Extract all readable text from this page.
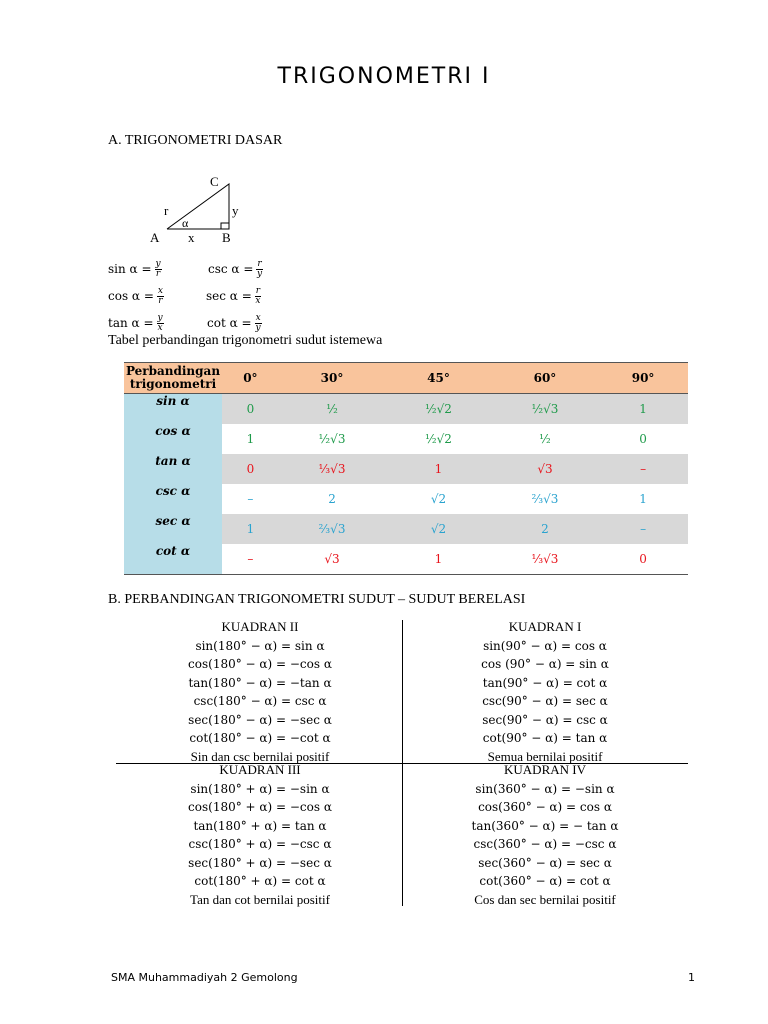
TRIGONOMETRI I
A. TRIGONOMETRI DASAR
C
r	y
α
A x B
$\sin \alpha = \frac{y}{r}$	$\csc \alpha = \frac{r}{y}$
$\cos \alpha = \frac{x}{r}$	$\sec \alpha = \frac{r}{x}$
$\tan \alpha = \frac{y}{x}$	$\cot \alpha = \frac{x}{y}$
Tabel perbandingan trigonometri sudut istemewa
Perbandingan
trigonometri	0°	30°	45°	60°	90°
sin α	0	½	½√2	½√3	1
cos α	1	½√3	½√2	½	0
tan α	0	⅓√3	1	√3	–
csc α	–	2	√2	⅔√3	1
sec α	1	⅔√3	√2	2	–
cot α	–	√3	1	⅓√3	0
B. PERBANDINGAN TRIGONOMETRI SUDUT – SUDUT BERELASI
KUADRAN II
sin(180° − α) = sin α
cos(180° − α) = −cos α
tan(180° − α) = −tan α
csc(180° − α) = csc α
sec(180° − α) = −sec α
cot(180° − α) = −cot α
Sin dan csc bernilai positif
KUADRAN I
sin(90° − α) = cos α
cos (90° − α) = sin α
tan(90° − α) = cot α
csc(90° − α) = sec α
sec(90° − α) = csc α
cot(90° − α) = tan α
Semua bernilai positif
KUADRAN III
sin(180° + α) = −sin α
cos(180° + α) = −cos α
tan(180° + α) = tan α
csc(180° + α) = −csc α
sec(180° + α) = −sec α
cot(180° + α) = cot α
Tan dan cot bernilai positif
KUADRAN IV
sin(360° − α) = −sin α
cos(360° − α) = cos α
tan(360° − α) = − tan α
csc(360° − α) = −csc α
sec(360° − α) = sec α
cot(360° − α) = cot α
Cos dan sec bernilai positif
SMA Muhammadiyah 2 Gemolong	1
